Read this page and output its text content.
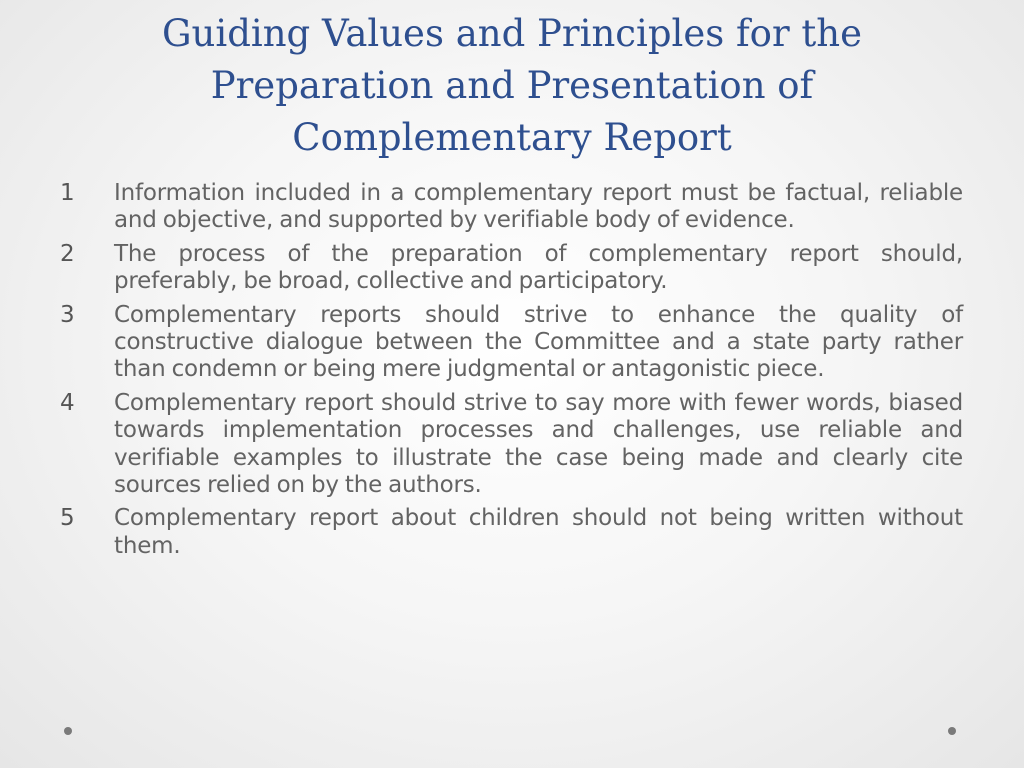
Guiding Values and Principles for the Preparation and Presentation of Complementary Report
1	Information included in a complementary report must be factual, reliable and objective, and supported by verifiable body of evidence.
2	The process of the preparation of complementary report should, preferably, be broad, collective and participatory.
3	Complementary reports should strive to enhance the quality of constructive dialogue between the Committee and a state party rather than condemn or being mere judgmental or antagonistic piece.
4	Complementary report should strive to say more with fewer words, biased towards implementation processes and challenges, use reliable and verifiable examples to illustrate the case being made and clearly cite sources relied on by the authors.
5	Complementary report about children should not being written without them.
